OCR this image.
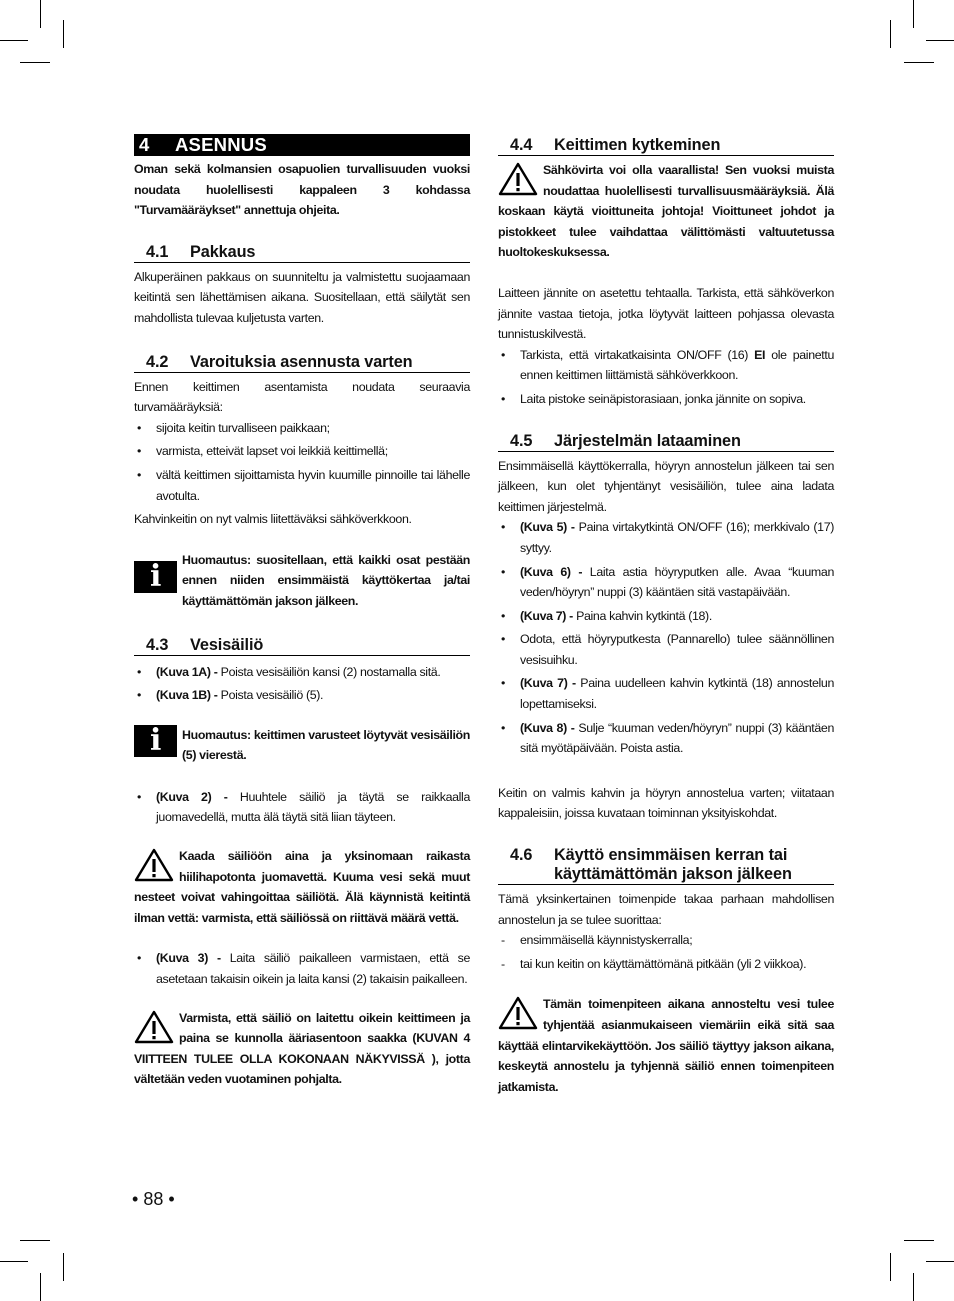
4 ASENNUS

Oman sekä kolmansien osapuolien turvallisuuden vuoksi noudata huolellisesti kappaleen 3 kohdassa "Turvamääräykset" annettuja ohjeita.

4.1 Pakkaus

Alkuperäinen pakkaus on suunniteltu ja valmistettu suojaamaan keitintä sen lähettämisen aikana. Suositellaan, että säilytät sen mahdollista tulevaa kuljetusta varten.

4.2 Varoituksia asennusta varten

Ennen keittimen asentamista noudata seuraavia turvamääräyksiä:

• sijoita keitin turvalliseen paikkaan;
• varmista, etteivät lapset voi leikkiä keittimellä;
• vältä keittimen sijoittamista hyvin kuumille pinnoille tai lähelle avotulta.

Kahvinkeitin on nyt valmis liitettäväksi sähköverkkoon.

i	Huomautus: suositellaan, että kaikki osat pestään ennen niiden ensimmäistä käyttökertaa ja/tai käyttämättömän jakson jälkeen.
4.3 Vesisäiliö
• (Kuva 1A) - Poista vesisäiliön kansi (2) nostamalla sitä.
• (Kuva 1B) - Poista vesisäiliö (5).
i	Huomautus: keittimen varusteet löytyvät vesisäiliön (5) vierestä.
• (Kuva 2) - Huuhtele säiliö ja täytä se raikkaalla juomavedellä, mutta älä täytä sitä liian täyteen.
Kaada säiliöön aina ja yksinomaan raikasta hiilihapotonta juomavettä. Kuuma vesi sekä muut nesteet voivat vahingoittaa säiliötä. Älä käynnistä keitintä ilman vettä: varmista, että säiliössä on riittävä määrä vettä.
• (Kuva 3) - Laita säiliö paikalleen varmistaen, että se asetetaan takaisin oikein ja laita kansi (2) takaisin paikalleen.
Varmista, että säiliö on laitettu oikein keittimeen ja paina se kunnolla ääriasentoon saakka (KUVAN 4 VIITTEEN TULEE OLLA KOKONAAN NÄKYVISSÄ ), jotta vältetään veden vuotaminen pohjalta.
4.4 Keittimen kytkeminen
Sähkövirta voi olla vaarallista! Sen vuoksi muista noudattaa huolellisesti turvallisuusmääräyksiä. Älä koskaan käytä vioittuneita johtoja! Vioittuneet johdot ja pistokkeet tulee vaihdattaa välittömästi valtuutetussa huoltokeskuksessa.

Laitteen jännite on asetettu tehtaalla. Tarkista, että sähköverkon jännite vastaa tietoja, jotka löytyvät laitteen pohjassa olevasta tunnistuskilvestä.

• Tarkista, että virtakatkaisinta ON/OFF (16) EI ole painettu ennen keittimen liittämistä sähköverkkoon.
• Laita pistoke seinäpistorasiaan, jonka jännite on sopiva.
4.5 Järjestelmän lataaminen

Ensimmäisellä käyttökerralla, höyryn annostelun jälkeen tai sen jälkeen, kun olet tyhjentänyt vesisäiliön, tulee aina ladata keittimen järjestelmä.

• (Kuva 5) - Paina virtakytkintä ON/OFF (16); merkkivalo (17) syttyy.
• (Kuva 6) - Laita astia höyryputken alle. Avaa “kuuman veden/höyryn” nuppi (3) kääntäen sitä vastapäivään.
• (Kuva 7) - Paina kahvin kytkintä (18).
• Odota, että höyryputkesta (Pannarello) tulee säännöllinen vesisuihku.
• (Kuva 7) - Paina uudelleen kahvin kytkintä (18) annostelun lopettamiseksi.
• (Kuva 8) - Sulje “kuuman veden/höyryn” nuppi (3) kääntäen sitä myötäpäivään. Poista astia.

Keitin on valmis kahvin ja höyryn annostelua varten; viitataan kappaleisiin, joissa kuvataan toiminnan yksityiskohdat.

4.6	Käyttö ensimmäisen kerran tai käyttämättömän jakson jälkeen

Tämä yksinkertainen toimenpide takaa parhaan mahdollisen annostelun ja se tulee suorittaa:

- ensimmäisellä käynnistyskerralla;
- tai kun keitin on käyttämättömänä pitkään (yli 2 viikkoa).
Tämän toimenpiteen aikana annosteltu vesi tulee tyhjentää asianmukaiseen viemäriin eikä sitä saa käyttää elintarvikekäyttöön. Jos säiliö täyttyy jakson aikana, keskeytä annostelu ja tyhjennä säiliö ennen toimenpiteen jatkamista.
• 88 •
